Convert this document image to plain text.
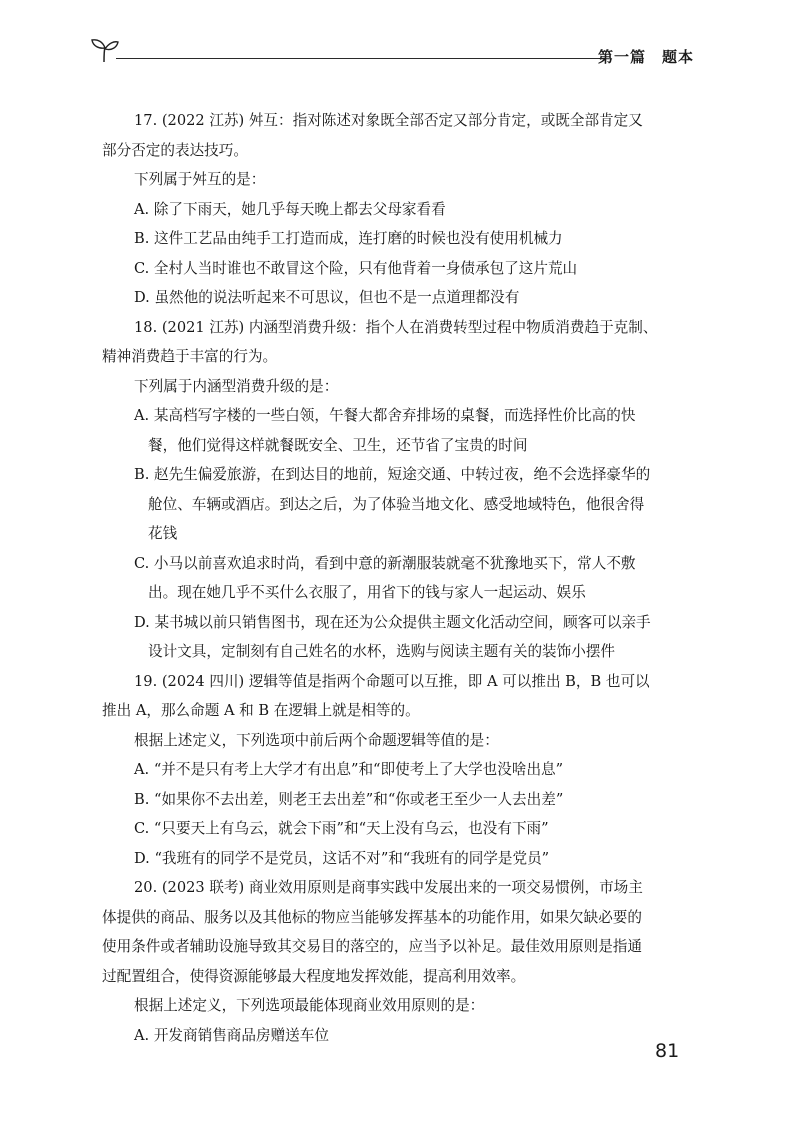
第一篇　题本

17. (2022 江苏) 舛互：指对陈述对象既全部否定又部分肯定，或既全部肯定又

部分否定的表达技巧。

下列属于舛互的是：

A. 除了下雨天，她几乎每天晚上都去父母家看看

B. 这件工艺品由纯手工打造而成，连打磨的时候也没有使用机械力

C. 全村人当时谁也不敢冒这个险，只有他背着一身债承包了这片荒山

D. 虽然他的说法听起来不可思议，但也不是一点道理都没有

18. (2021 江苏) 内涵型消费升级：指个人在消费转型过程中物质消费趋于克制、

精神消费趋于丰富的行为。

下列属于内涵型消费升级的是：

A. 某高档写字楼的一些白领，午餐大都舍弃排场的桌餐，而选择性价比高的快

餐，他们觉得这样就餐既安全、卫生，还节省了宝贵的时间

B. 赵先生偏爱旅游，在到达目的地前，短途交通、中转过夜，绝不会选择豪华的

舱位、车辆或酒店。到达之后，为了体验当地文化、感受地域特色，他很舍得

花钱

C. 小马以前喜欢追求时尚，看到中意的新潮服装就毫不犹豫地买下，常人不敷

出。现在她几乎不买什么衣服了，用省下的钱与家人一起运动、娱乐

D. 某书城以前只销售图书，现在还为公众提供主题文化活动空间，顾客可以亲手

设计文具，定制刻有自己姓名的水杯，选购与阅读主题有关的装饰小摆件

19. (2024 四川) 逻辑等值是指两个命题可以互推，即 A 可以推出 B，B 也可以

推出 A，那么命题 A 和 B 在逻辑上就是相等的。

根据上述定义，下列选项中前后两个命题逻辑等值的是：

A. “并不是只有考上大学才有出息”和“即使考上了大学也没啥出息”

B. “如果你不去出差，则老王去出差”和“你或老王至少一人去出差”

C. “只要天上有乌云，就会下雨”和“天上没有乌云，也没有下雨”

D. “我班有的同学不是党员，这话不对”和“我班有的同学是党员”

20. (2023 联考) 商业效用原则是商事实践中发展出来的一项交易惯例，市场主

体提供的商品、服务以及其他标的物应当能够发挥基本的功能作用，如果欠缺必要的

使用条件或者辅助设施导致其交易目的落空的，应当予以补足。最佳效用原则是指通

过配置组合，使得资源能够最大程度地发挥效能，提高利用效率。

根据上述定义，下列选项最能体现商业效用原则的是：

A. 开发商销售商品房赠送车位

81
